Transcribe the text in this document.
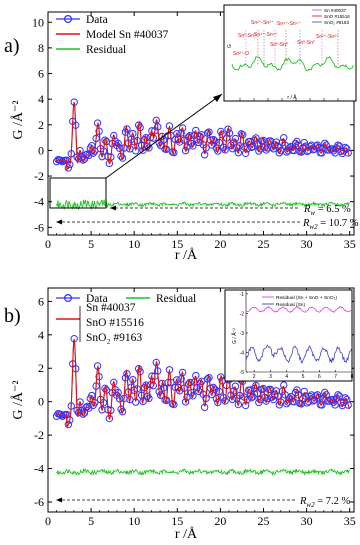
a)
0	5	10	15	20	25	30	35
-6
-4
-2
0
2
4
6
8
10
r /Å
G /Å⁻²
Data
Model Sn #40037
Residual
$R_w = 6.5$ %
$R_{w2} = 10.7$ %
G
r / Å
Sn #40037
SnO #15516
SnO₂ #9163
Sn²⁺-O
Sn⁰-Sn⁰
Sn²⁺-Sn²⁺
Sn⁴⁺-Sn⁴⁺
Sn⁰-Sn⁰
Sn⁴⁺-Sn⁴⁺
Sn⁰-Sn⁰
Sn²⁺-Sn²⁺
b)
0	5	10	15	20	25	30	35
-6
-4
-2
0
2
4
6
r /Å
G /Å⁻²
Data	Residual
Sn #40037
SnO #15516
SnO₂ #9163
$R_{w2} = 7.2$ %
-1
-2
-3
-4
-5
2	3	4	5	6	7	8
G / Å⁻²
Residual (Sn + SnO + SnO₂)
Residual (Sn)
